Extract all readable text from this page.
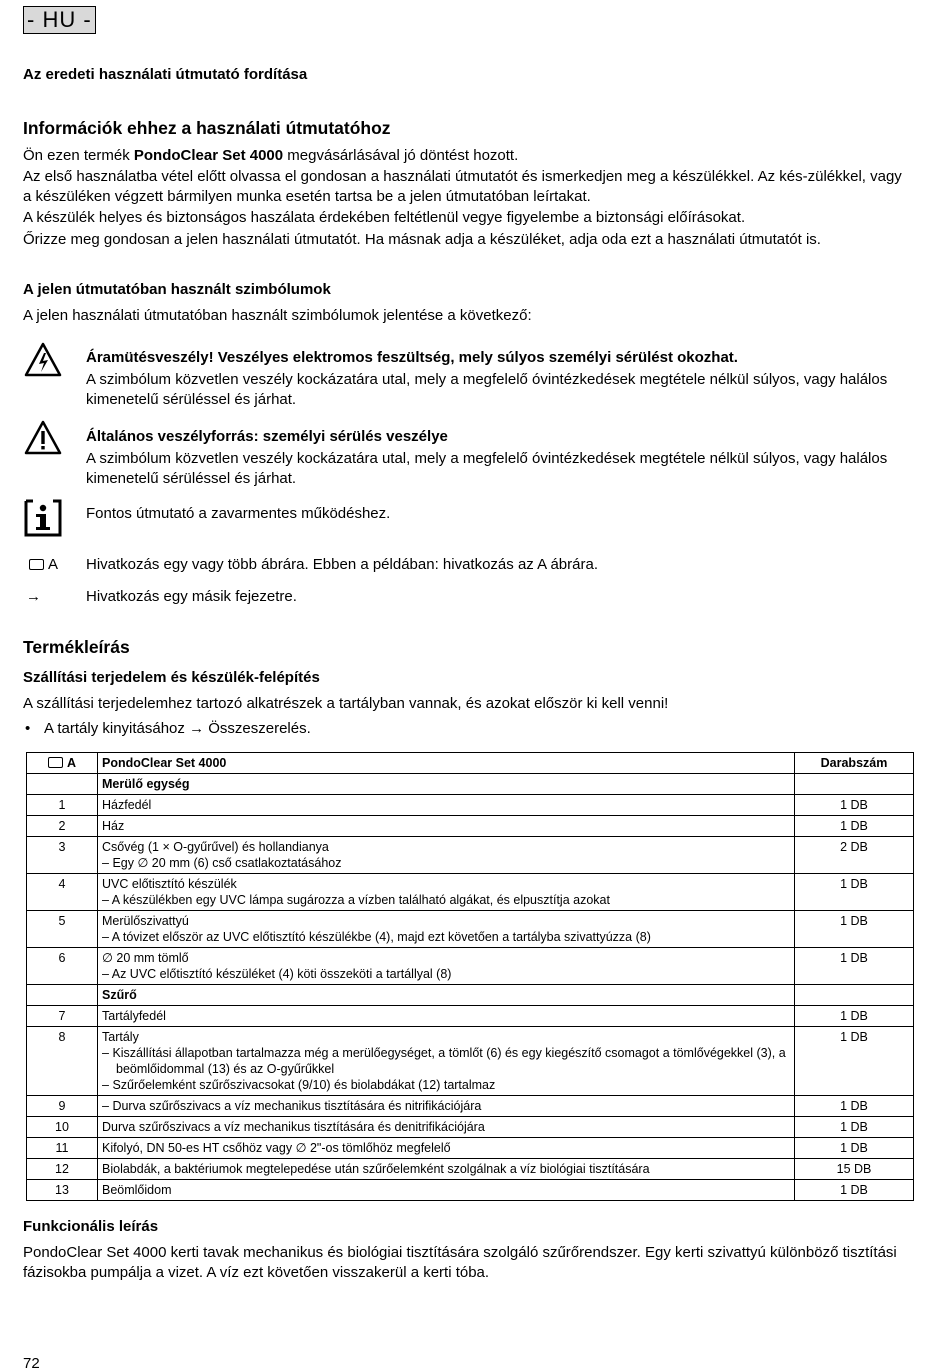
- HU -
Az eredeti használati útmutató fordítása
Információk ehhez a használati útmutatóhoz
Ön ezen termék PondoClear Set 4000 megvásárlásával jó döntést hozott.
Az első használatba vétel előtt olvassa el gondosan a használati útmutatót és ismerkedjen meg a készülékkel. Az kés-zülékkel, vagy a készüléken végzett bármilyen munka esetén tartsa be a jelen útmutatóban leírtakat.
A készülék helyes és biztonságos haszálata érdekében feltétlenül vegye figyelembe a biztonsági előírásokat.
Őrizze meg gondosan a jelen használati útmutatót. Ha másnak adja a készüléket, adja oda ezt a használati útmutatót is.
A jelen útmutatóban használt szimbólumok
A jelen használati útmutatóban használt szimbólumok jelentése a következő:
Áramütésveszély! Veszélyes elektromos feszültség, mely súlyos személyi sérülést okozhat.
A szimbólum közvetlen veszély kockázatára utal, mely a megfelelő óvintézkedések megtétele nélkül súlyos, vagy halálos kimenetelű sérüléssel és járhat.
Általános veszélyforrás: személyi sérülés veszélye
A szimbólum közvetlen veszély kockázatára utal, mely a megfelelő óvintézkedések megtétele nélkül súlyos, vagy halálos kimenetelű sérüléssel és járhat.
Fontos útmutató a zavarmentes működéshez.
A Hivatkozás egy vagy több ábrára. Ebben a példában: hivatkozás az A ábrára.
→	Hivatkozás egy másik fejezetre.
Termékleírás
Szállítási terjedelem és készülék-felépítés
A szállítási terjedelemhez tartozó alkatrészek a tartályban vannak, és azokat először ki kell venni!
• A tartály kinyitásához → Összeszerelés.
A	PondoClear Set 4000	Darabszám
	Merülő egység	
1	Házfedél	1 DB
2	Ház	1 DB
3	Csővég (1 × O-gyűrűvel) és hollandianya
– Egy ∅ 20 mm (6) cső csatlakoztatásához	2 DB
4	UVC előtisztító készülék
– A készülékben egy UVC lámpa sugározza a vízben található algákat, és elpusztítja azokat	1 DB
5	Merülőszivattyú
– A tóvizet először az UVC előtisztító készülékbe (4), majd ezt követően a tartályba szivattyúzza (8)	1 DB
6	∅ 20 mm tömlő
– Az UVC előtisztító készüléket (4) köti összeköti a tartállyal (8)	1 DB
	Szűrő	
7	Tartályfedél	1 DB
8	Tartály
– Kiszállítási állapotban tartalmazza még a merülőegységet, a tömlőt (6) és egy kiegészítő csomagot a tömlővégekkel (3), a beömlőidommal (13) és az O-gyűrűkkel
– Szűrőelemként szűrőszivacsokat (9/10) és biolabdákat (12) tartalmaz	1 DB
9	– Durva szűrőszivacs a víz mechanikus tisztítására és nitrifikációjára	1 DB
10	Durva szűrőszivacs a víz mechanikus tisztítására és denitrifikációjára	1 DB
11	Kifolyó, DN 50-es HT csőhöz vagy ∅ 2"-os tömlőhöz megfelelő	1 DB
12	Biolabdák, a baktériumok megtelepedése után szűrőelemként szolgálnak a víz biológiai tisztítására	15 DB
13	Beömlőidom	1 DB
Funkcionális leírás
PondoClear Set 4000 kerti tavak mechanikus és biológiai tisztítására szolgáló szűrőrendszer. Egy kerti szivattyú különböző tisztítási fázisokba pumpálja a vizet. A víz ezt követően visszakerül a kerti tóba.
72
